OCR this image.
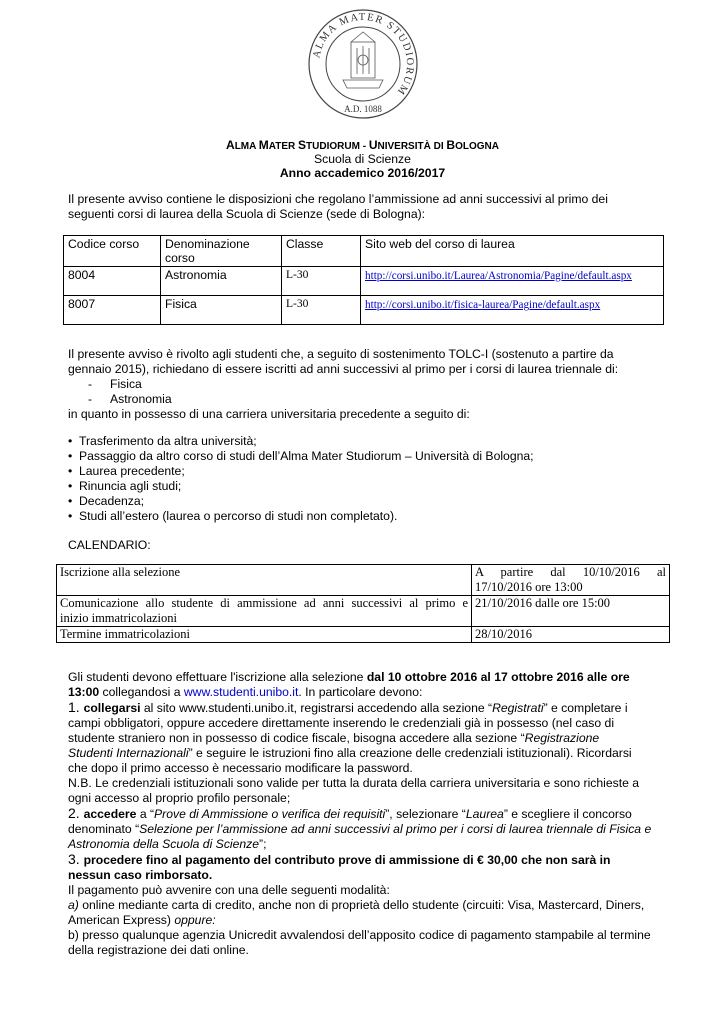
ALMA MATER STUDIORUM
A.D. 1088
ALMA MATER STUDIORUM - UNIVERSITÀ DI BOLOGNA
Scuola di Scienze
Anno accademico 2016/2017
Il presente avviso contiene le disposizioni che regolano l’ammissione ad anni successivi al primo dei
seguenti corsi di laurea della Scuola di Scienze (sede di Bologna):
Codice corso	Denominazione corso	Classe	Sito web del corso di laurea
8004	Astronomia	L-30	http://corsi.unibo.it/Laurea/Astronomia/Pagine/default.aspx
8007	Fisica	L-30	http://corsi.unibo.it/fisica-laurea/Pagine/default.aspx
Il presente avviso è rivolto agli studenti che, a seguito di sostenimento TOLC-I (sostenuto a partire da
gennaio 2015), richiedano di essere iscritti ad anni successivi al primo per i corsi di laurea triennale di:
- Fisica
- Astronomia
in quanto in possesso di una carriera universitaria precedente a seguito di:
• Trasferimento da altra università;
• Passaggio da altro corso di studi dell’Alma Mater Studiorum – Università di Bologna;
• Laurea precedente;
• Rinuncia agli studi;
• Decadenza;
• Studi all’estero (laurea o percorso di studi non completato).
CALENDARIO:
Iscrizione alla selezione	A partire dal 10/10/2016 al
17/10/2016 ore 13:00

Comunicazione allo studente di ammissione ad anni successivi al primo e
inizio immatricolazioni	21/10/2016 dalle ore 15:00
Termine immatricolazioni	28/10/2016
Gli studenti devono effettuare l'iscrizione alla selezione dal 10 ottobre 2016 al 17 ottobre 2016 alle ore
13:00 collegandosi a www.studenti.unibo.it. In particolare devono:
1. collegarsi al sito www.studenti.unibo.it, registrarsi accedendo alla sezione “Registrati” e completare i
campi obbligatori, oppure accedere direttamente inserendo le credenziali già in possesso (nel caso di
studente straniero non in possesso di codice fiscale, bisogna accedere alla sezione “Registrazione
Studenti Internazionali” e seguire le istruzioni fino alla creazione delle credenziali istituzionali). Ricordarsi
che dopo il primo accesso è necessario modificare la password.
N.B. Le credenziali istituzionali sono valide per tutta la durata della carriera universitaria e sono richieste a
ogni accesso al proprio profilo personale;
2. accedere a “Prove di Ammissione o verifica dei requisiti”, selezionare “Laurea” e scegliere il concorso
denominato “Selezione per l’ammissione ad anni successivi al primo per i corsi di laurea triennale di Fisica e
Astronomia della Scuola di Scienze”;
3. procedere fino al pagamento del contributo prove di ammissione di € 30,00 che non sarà in
nessun caso rimborsato.
Il pagamento può avvenire con una delle seguenti modalità:
a) online mediante carta di credito, anche non di proprietà dello studente (circuiti: Visa, Mastercard, Diners,
American Express) oppure:
b) presso qualunque agenzia Unicredit avvalendosi dell’apposito codice di pagamento stampabile al termine
della registrazione dei dati online.
